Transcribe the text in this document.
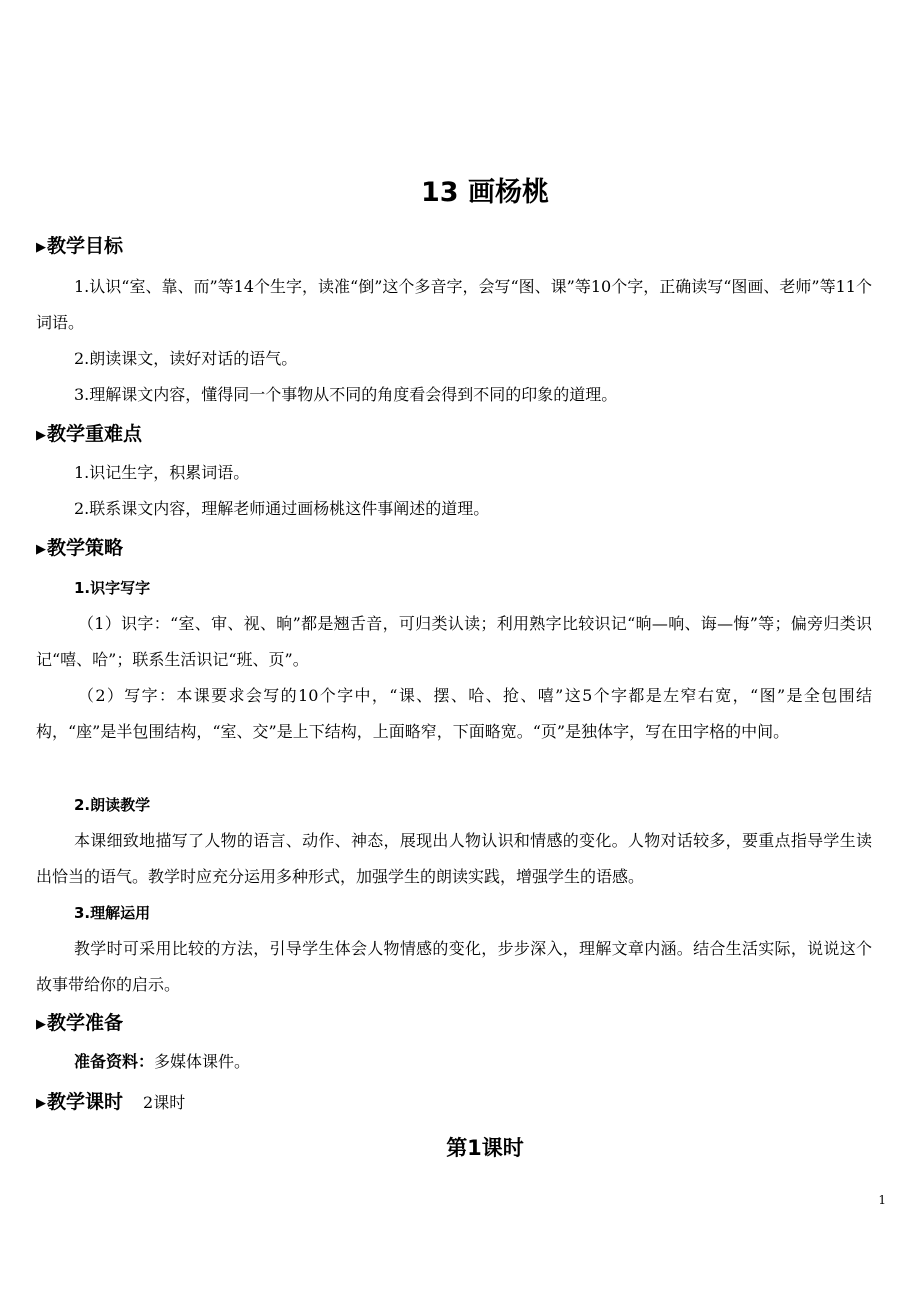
13 画杨桃
▶教学目标
1.认识“室、靠、而”等14个生字，读准“倒”这个多音字，会写“图、课”等10个字，正确读写“图画、老师”等11个词语。
2.朗读课文，读好对话的语气。
3.理解课文内容，懂得同一个事物从不同的角度看会得到不同的印象的道理。
▶教学重难点
1.识记生字，积累词语。
2.联系课文内容，理解老师通过画杨桃这件事阐述的道理。
▶教学策略
1.识字写字
（1）识字：“室、审、视、晌”都是翘舌音，可归类认读；利用熟字比较识记“晌—响、诲—悔”等；偏旁归类识记“嘻、哈”；联系生活识记“班、页”。
（2）写字：本课要求会写的10个字中，“课、摆、哈、抢、嘻”这5个字都是左窄右宽，“图”是全包围结构，“座”是半包围结构，“室、交”是上下结构，上面略窄，下面略宽。“页”是独体字，写在田字格的中间。
2.朗读教学
本课细致地描写了人物的语言、动作、神态，展现出人物认识和情感的变化。人物对话较多，要重点指导学生读出恰当的语气。教学时应充分运用多种形式，加强学生的朗读实践，增强学生的语感。
3.理解运用
教学时可采用比较的方法，引导学生体会人物情感的变化，步步深入，理解文章内涵。结合生活实际，说说这个故事带给你的启示。
▶教学准备
准备资料：多媒体课件。
▶教学课时 2课时
第1课时
1
